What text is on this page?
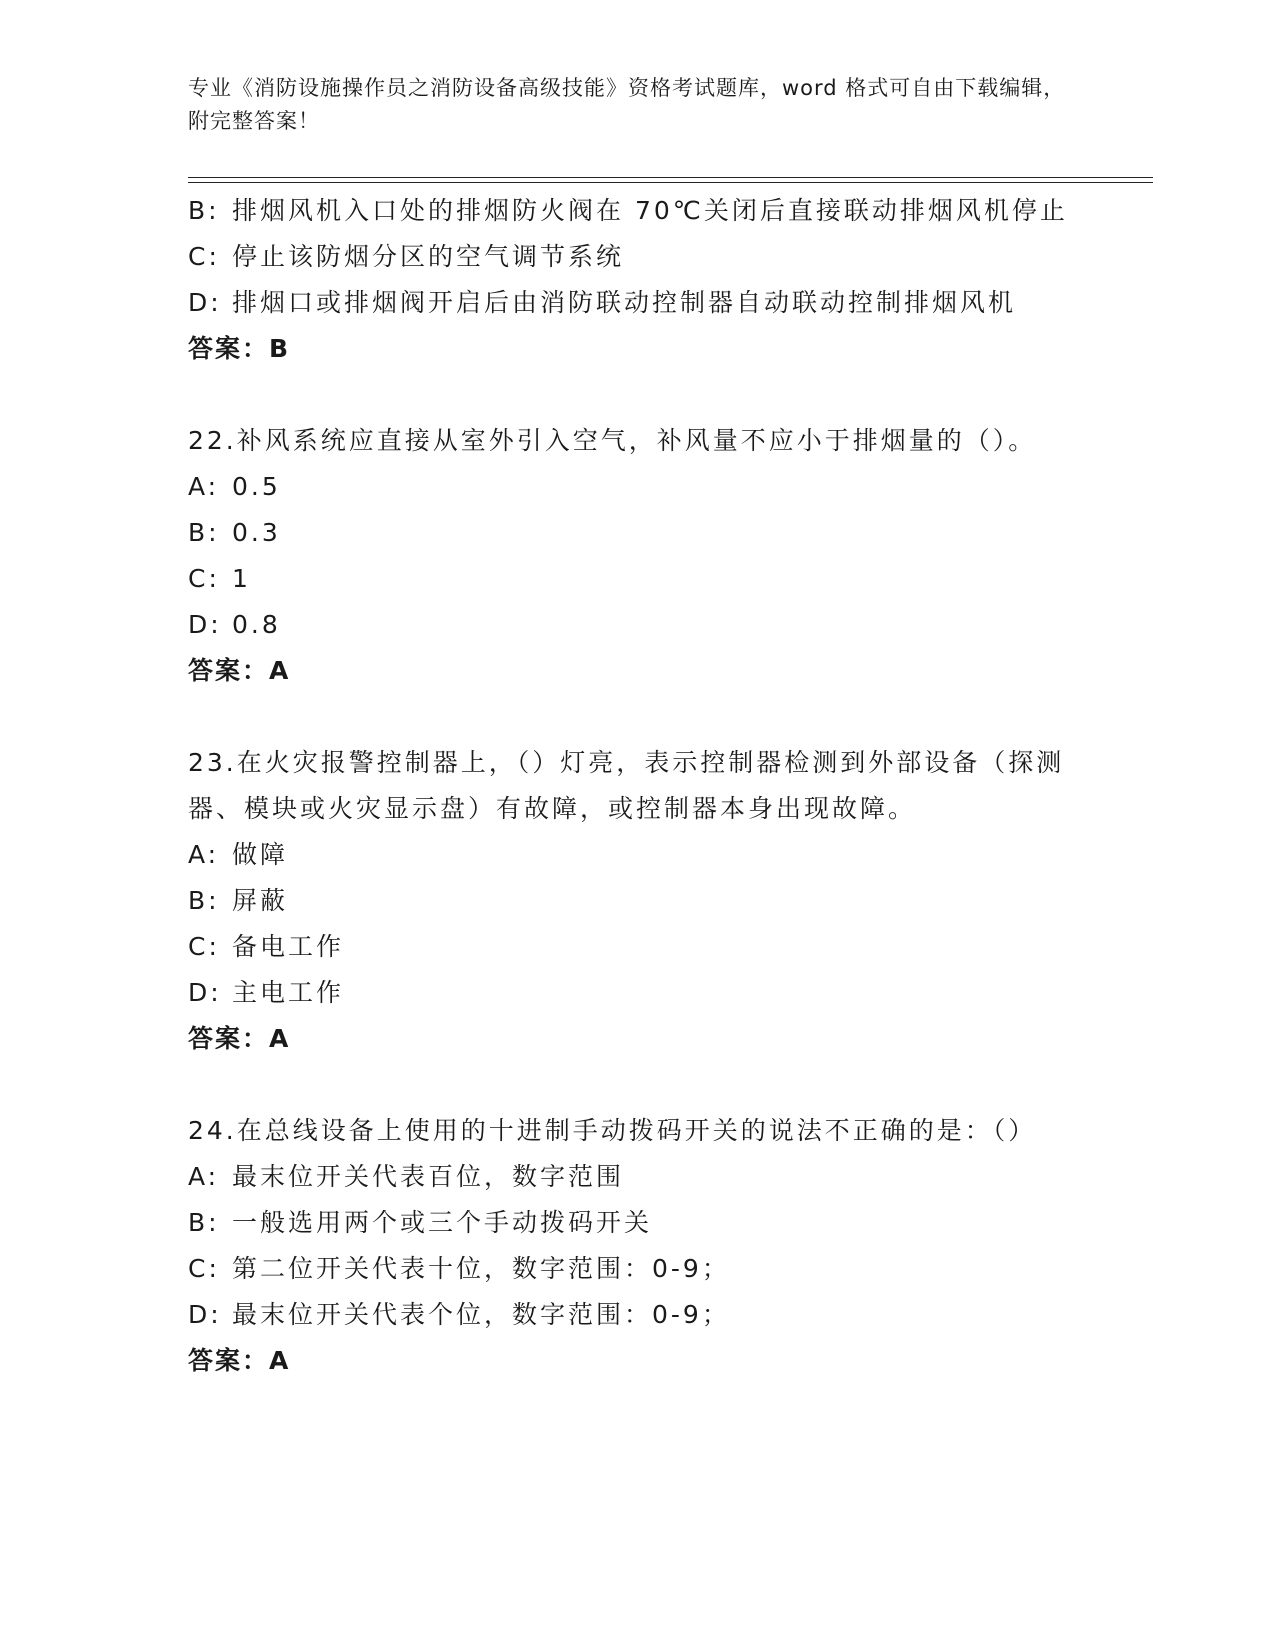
专业《消防设施操作员之消防设备高级技能》资格考试题库，word 格式可自由下载编辑，附完整答案！
B: 排烟风机入口处的排烟防火阀在 70℃关闭后直接联动排烟风机停止
C: 停止该防烟分区的空气调节系统
D: 排烟口或排烟阀开启后由消防联动控制器自动联动控制排烟风机
答案：B
22.补风系统应直接从室外引入空气，补风量不应小于排烟量的（）。
A: 0.5
B: 0.3
C: 1
D: 0.8
答案：A
23.在火灾报警控制器上，（）灯亮，表示控制器检测到外部设备（探测器、模块或火灾显示盘）有故障，或控制器本身出现故障。
A: 做障
B: 屏蔽
C: 备电工作
D: 主电工作
答案：A
24.在总线设备上使用的十进制手动拨码开关的说法不正确的是：（）
A: 最末位开关代表百位，数字范围
B: 一般选用两个或三个手动拨码开关
C: 第二位开关代表十位，数字范围：0-9；
D: 最末位开关代表个位，数字范围：0-9；
答案：A
